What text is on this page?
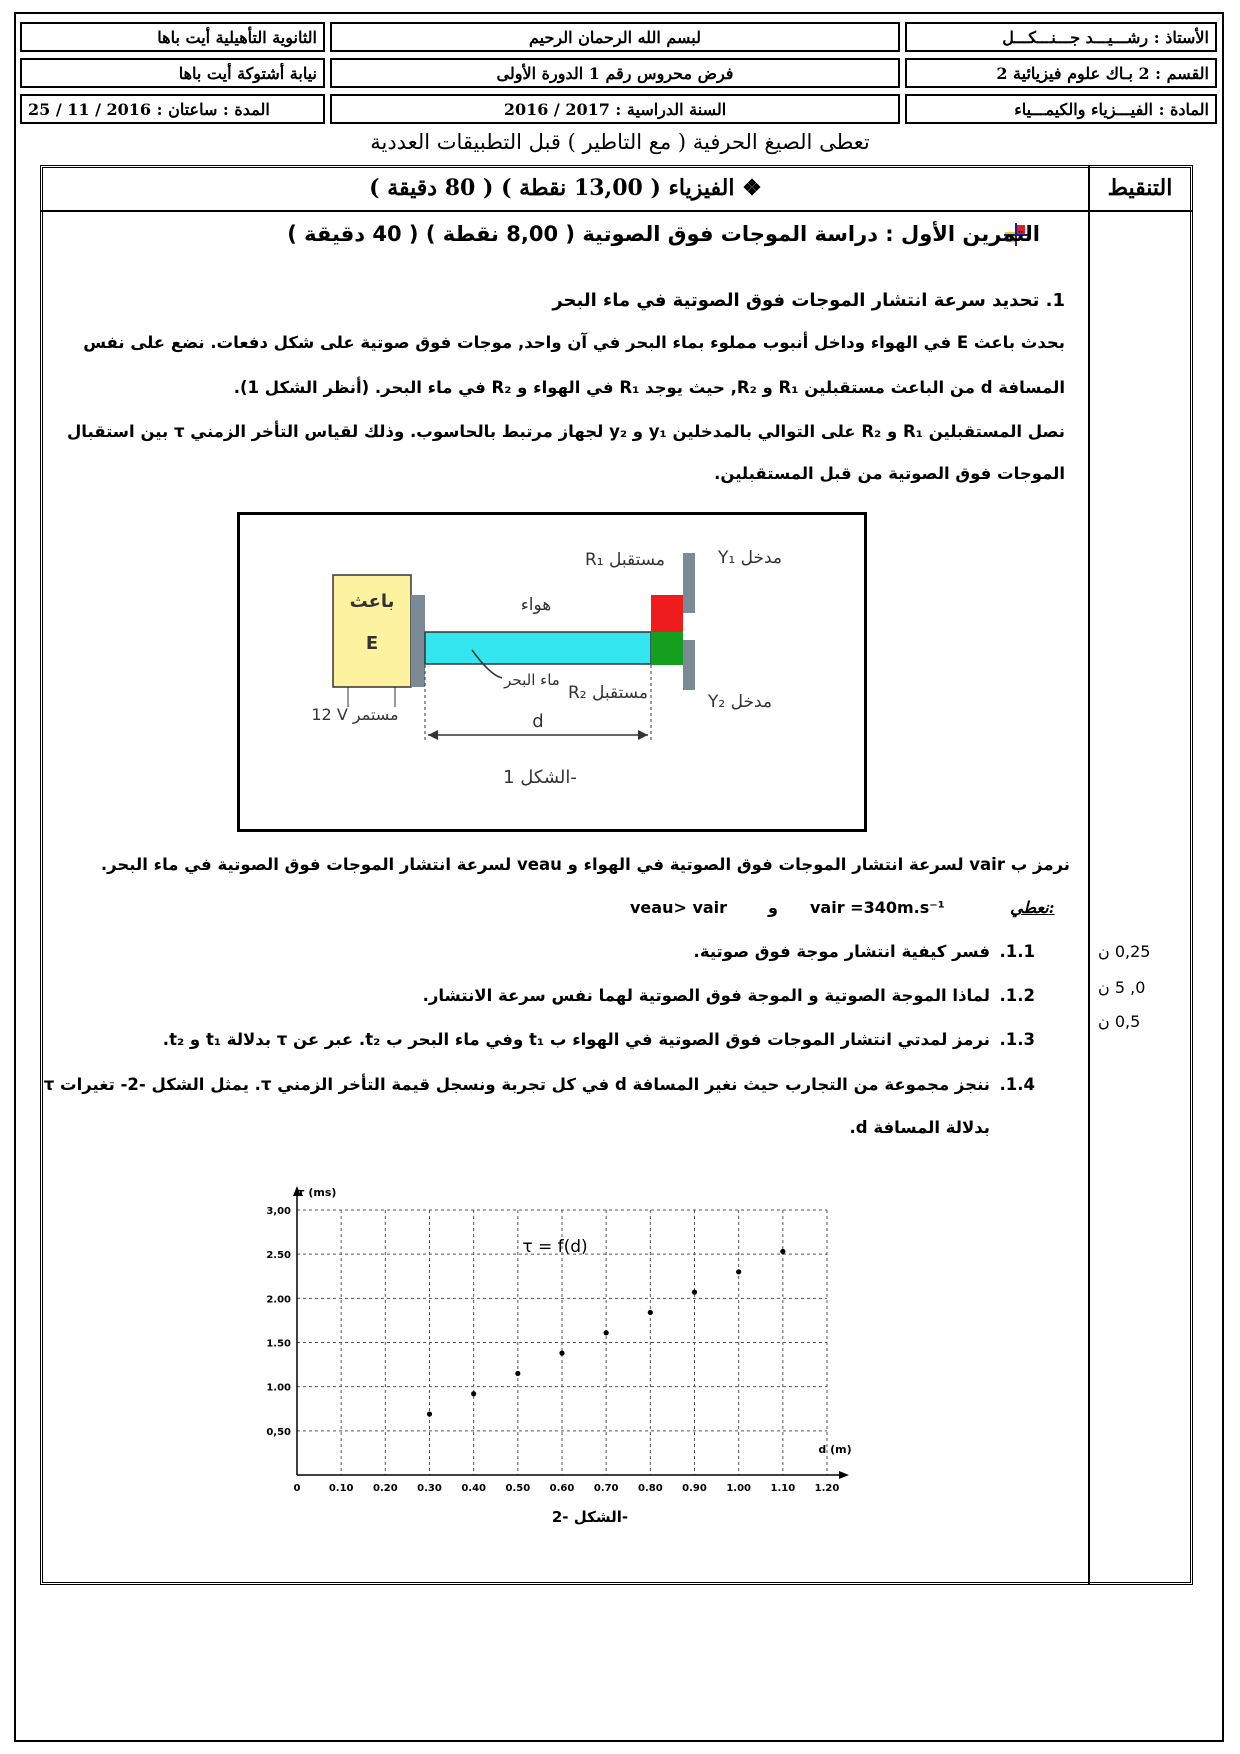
الأستاذ : رشـــيـــد جـــنـــكـــل
لبسم الله الرحمان الرحيم
الثانوية التأهيلية أيت باها
القسم : 2 بـاك علوم فيزيائية 2
فرض محروس رقم 1 الدورة الأولى
نيابة أشتوكة أيت باها
المادة : الفيـــزياء والكيمـــياء
السنة الدراسية : 2017 / 2016
المدة : ساعتان : 2016 / 11 / 25
تعطى الصيغ الحرفية ( مع التاطير ) قبل التطبيقات العددية
التنقيط
❖ الفيزياء ( 13,00 نقطة ) ( 80 دقيقة )
التمرين الأول : دراسة الموجات فوق الصوتية ( 8,00 نقطة ) ( 40 دقيقة )
1. تحديد سرعة انتشار الموجات فوق الصوتية في ماء البحر
بحدث باعث E في الهواء وداخل أنبوب مملوء بماء البحر في آن واحد, موجات فوق صوتية على شكل دفعات. نضع على نفس
المسافة d من الباعث مستقبلين R₁ و R₂, حيث يوجد R₁ في الهواء و R₂ في ماء البحر. (أنظر الشكل 1).
نصل المستقبلين R₁ و R₂ على التوالي بالمدخلين y₁ و y₂ لجهاز مرتبط بالحاسوب. وذلك لقياس التأخر الزمني τ بين استقبال
الموجات فوق الصوتية من قبل المستقبلين.
باعث
E
12 V مستمر
هواء
ماء البحر
R₁ مستقبل
R₂ مستقبل
Y₁ مدخل
Y₂ مدخل
d
الشكل 1-
نرمز ب vair لسرعة انتشار الموجات فوق الصوتية في الهواء و veau لسرعة انتشار الموجات فوق الصوتية في ماء البحر.
نعطي:
vair =340m.s⁻¹
و
veau> vair
1.1.
فسر كيفية انتشار موجة فوق صوتية.	0,25 ن
1.2.
لماذا الموجة الصوتية و الموجة فوق الصوتية لهما نفس سرعة الانتشار.	0, 5 ن
1.3.
نرمز لمدتي انتشار الموجات فوق الصوتية في الهواء ب t₁ وفي ماء البحر ب t₂. عبر عن τ بدلالة t₁ و t₂.
0,5 ن
1.4.
ننجز مجموعة من التجارب حيث نغير المسافة d في كل تجربة ونسجل قيمة التأخر الزمني τ. يمثل الشكل -2- تغيرات τ
بدلالة المسافة d.
0	0.10 0.20 0.30 0.40 0.50 0.60 0.70 0.80 0.90 1.00 1.10 1.20
0,50
1.00
1.50
2.00
2.50
3,00
d (m)
τ (ms)
τ = f(d)
الشكل -2-
